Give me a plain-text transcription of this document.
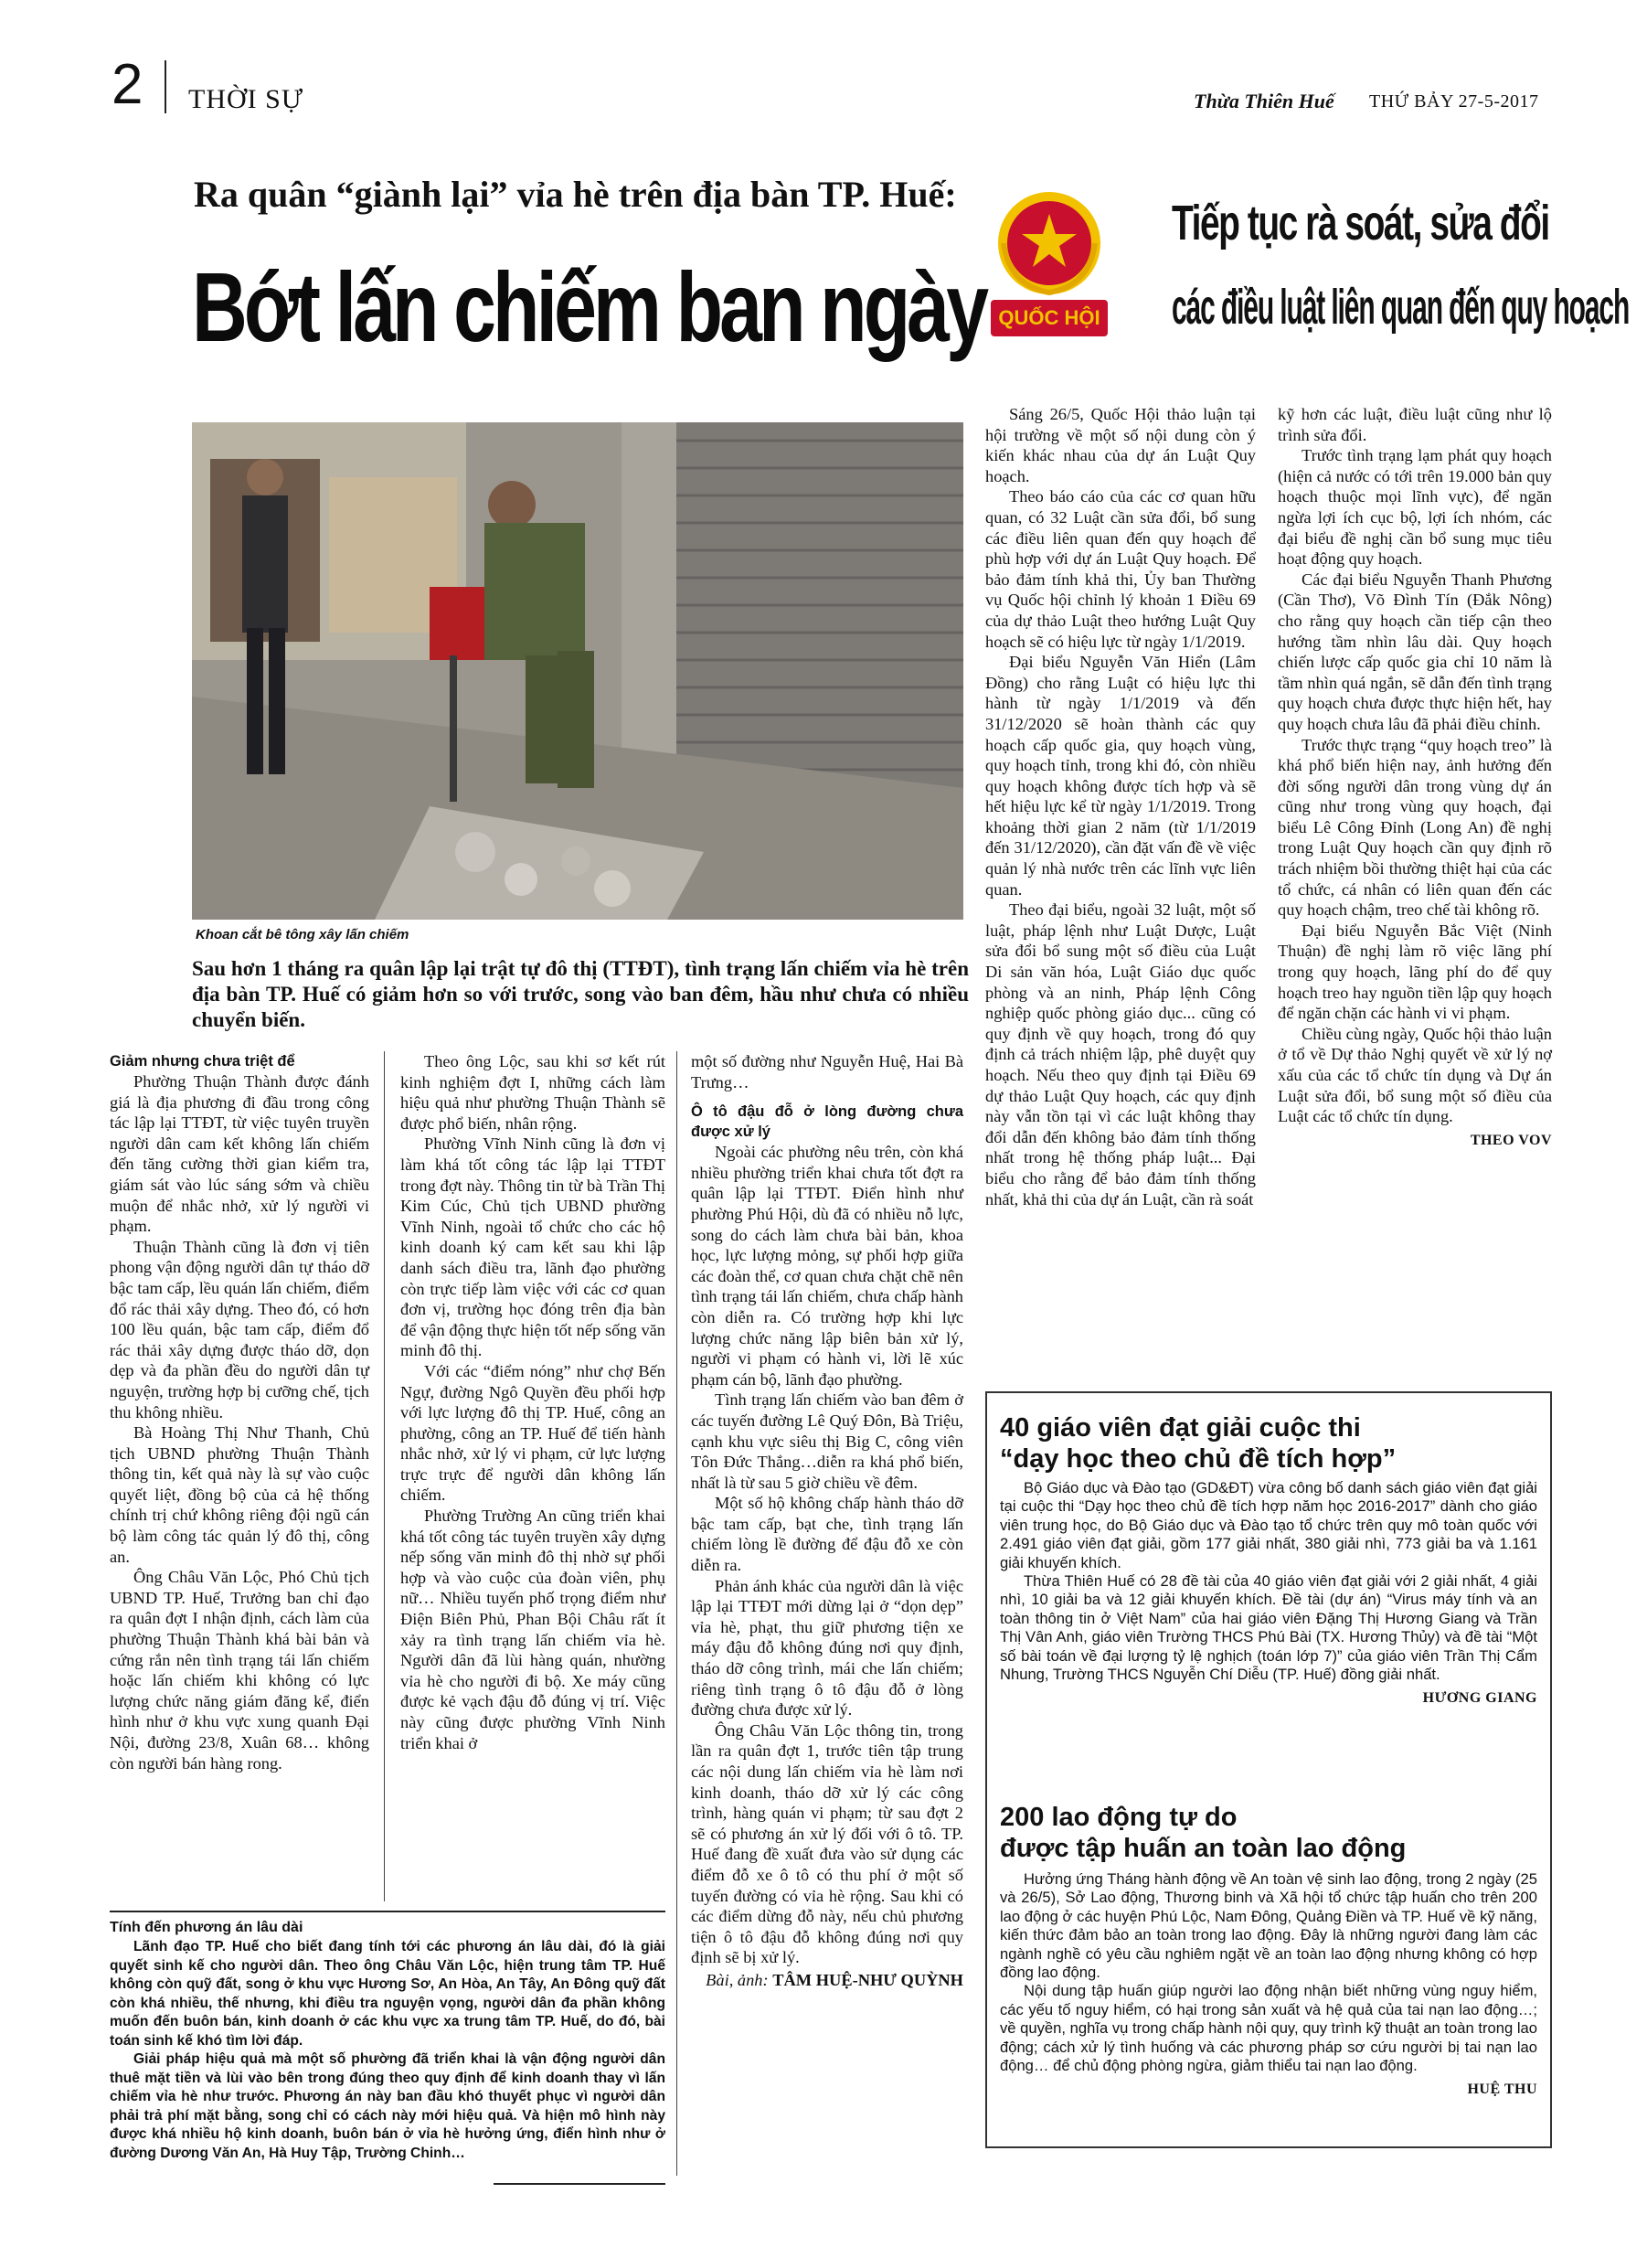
2 THỜI SỰ	Thừa Thiên Huế THỨ BẢY 27-5-2017
Ra quân “giành lại” vỉa hè trên địa bàn TP. Huế:
Bớt lấn chiếm ban ngày
Khoan cắt bê tông xây lấn chiếm
Sau hơn 1 tháng ra quân lập lại trật tự đô thị (TTĐT), tình trạng lấn chiếm vỉa hè trên địa bàn TP. Huế có giảm hơn so với trước, song vào ban đêm, hầu như chưa có nhiều chuyển biến.
Giảm nhưng chưa triệt để

Phường Thuận Thành được đánh giá là địa phương đi đầu trong công tác lập lại TTĐT, từ việc tuyên truyền người dân cam kết không lấn chiếm đến tăng cường thời gian kiểm tra, giám sát vào lúc sáng sớm và chiều muộn để nhắc nhở, xử lý người vi phạm.

Thuận Thành cũng là đơn vị tiên phong vận động người dân tự tháo dỡ bậc tam cấp, lều quán lấn chiếm, điểm đổ rác thải xây dựng. Theo đó, có hơn 100 lều quán, bậc tam cấp, điểm đổ rác thải xây dựng được tháo dỡ, dọn dẹp và đa phần đều do người dân tự nguyện, trường hợp bị cưỡng chế, tịch thu không nhiều.

Bà Hoàng Thị Như Thanh, Chủ tịch UBND phường Thuận Thành thông tin, kết quả này là sự vào cuộc quyết liệt, đồng bộ của cả hệ thống chính trị chứ không riêng đội ngũ cán bộ làm công tác quản lý đô thị, công an.

Ông Châu Văn Lộc, Phó Chủ tịch UBND TP. Huế, Trưởng ban chỉ đạo ra quân đợt I nhận định, cách làm của phường Thuận Thành khá bài bản và cứng rắn nên tình trạng tái lấn chiếm hoặc lấn chiếm khi không có lực lượng chức năng giám đăng kể, điển hình như ở khu vực xung quanh Đại Nội, đường 23/8, Xuân 68… không còn người bán hàng rong.

Theo ông Lộc, sau khi sơ kết rút kinh nghiệm đợt I, những cách làm hiệu quả như phường Thuận Thành sẽ được phổ biến, nhân rộng.

Phường Vĩnh Ninh cũng là đơn vị làm khá tốt công tác lập lại TTĐT trong đợt này. Thông tin từ bà Trần Thị Kim Cúc, Chủ tịch UBND phường Vĩnh Ninh, ngoài tổ chức cho các hộ kinh doanh ký cam kết sau khi lập danh sách điều tra, lãnh đạo phường còn trực tiếp làm việc với các cơ quan đơn vị, trường học đóng trên địa bàn để vận động thực hiện tốt nếp sống văn minh đô thị.

Với các “điểm nóng” như chợ Bến Ngự, đường Ngô Quyền đều phối hợp với lực lượng đô thị TP. Huế, công an phường, công an TP. Huế để tiến hành nhắc nhở, xử lý vi phạm, cử lực lượng trực trực để người dân không lấn chiếm.

Phường Trường An cũng triển khai khá tốt công tác tuyên truyền xây dựng nếp sống văn minh đô thị nhờ sự phối hợp và vào cuộc của đoàn viên, phụ nữ… Nhiều tuyến phố trọng điểm như Điện Biên Phủ, Phan Bội Châu rất ít xảy ra tình trạng lấn chiếm vỉa hè. Người dân đã lùi hàng quán, nhường vỉa hè cho người đi bộ. Xe máy cũng được kẻ vạch đậu đỗ đúng vị trí. Việc này cũng được phường Vĩnh Ninh triển khai ở

một số đường như Nguyễn Huệ, Hai Bà Trưng…

Ô tô đậu đỗ ở lòng đường chưa được xử lý

Ngoài các phường nêu trên, còn khá nhiều phường triển khai chưa tốt đợt ra quân lập lại TTĐT. Điển hình như phường Phú Hội, dù đã có nhiều nỗ lực, song do cách làm chưa bài bản, khoa học, lực lượng mỏng, sự phối hợp giữa các đoàn thể, cơ quan chưa chặt chẽ nên tình trạng tái lấn chiếm, chưa chấp hành còn diễn ra. Có trường hợp khi lực lượng chức năng lập biên bản xử lý, người vi phạm có hành vi, lời lẽ xúc phạm cán bộ, lãnh đạo phường.

Tình trạng lấn chiếm vào ban đêm ở các tuyến đường Lê Quý Đôn, Bà Triệu, cạnh khu vực siêu thị Big C, công viên Tôn Đức Thắng…diễn ra khá phổ biến, nhất là từ sau 5 giờ chiều về đêm.

Một số hộ không chấp hành tháo dỡ bậc tam cấp, bạt che, tình trạng lấn chiếm lòng lề đường để đậu đỗ xe còn diễn ra.

Phản ánh khác của người dân là việc lập lại TTĐT mới dừng lại ở “dọn dẹp” vỉa hè, phạt, thu giữ phương tiện xe máy đậu đỗ không đúng nơi quy định, tháo dỡ công trình, mái che lấn chiếm; riêng tình trạng ô tô đậu đỗ ở lòng đường chưa được xử lý.

Ông Châu Văn Lộc thông tin, trong lần ra quân đợt 1, trước tiên tập trung các nội dung lấn chiếm vỉa hè làm nơi kinh doanh, tháo dỡ xử lý các công trình, hàng quán vi phạm; từ sau đợt 2 sẽ có phương án xử lý đối với ô tô. TP. Huế đang đề xuất đưa vào sử dụng các điểm đỗ xe ô tô có thu phí ở một số tuyến đường có vỉa hè rộng. Sau khi có các điểm dừng đỗ này, nếu chủ phương tiện ô tô đậu đỗ không đúng nơi quy định sẽ bị xử lý.

Bài, ảnh: TÂM HUỆ-NHƯ QUỲNH
Tính đến phương án lâu dài

Lãnh đạo TP. Huế cho biết đang tính tới các phương án lâu dài, đó là giải quyết sinh kế cho người dân. Theo ông Châu Văn Lộc, hiện trung tâm TP. Huế không còn quỹ đất, song ở khu vực Hương Sơ, An Hòa, An Tây, An Đông quỹ đất còn khá nhiều, thế nhưng, khi điều tra nguyện vọng, người dân đa phần không muốn đến buôn bán, kinh doanh ở các khu vực xa trung tâm TP. Huế, do đó, bài toán sinh kế khó tìm lời đáp.

Giải pháp hiệu quả mà một số phường đã triển khai là vận động người dân thuê mặt tiền và lùi vào bên trong đúng theo quy định để kinh doanh thay vì lấn chiếm vỉa hè như trước. Phương án này ban đầu khó thuyết phục vì người dân phải trả phí mặt bằng, song chỉ có cách này mới hiệu quả. Và hiện mô hình này được khá nhiều hộ kinh doanh, buôn bán ở vỉa hè hưởng ứng, điển hình như ở đường Dương Văn An, Hà Huy Tập, Trường Chinh…

QUỐC HỘI
Tiếp tục rà soát, sửa đổi
các điều luật liên quan đến quy hoạch

Sáng 26/5, Quốc Hội thảo luận tại hội trường về một số nội dung còn ý kiến khác nhau của dự án Luật Quy hoạch.

Theo báo cáo của các cơ quan hữu quan, có 32 Luật cần sửa đổi, bổ sung các điều liên quan đến quy hoạch để phù hợp với dự án Luật Quy hoạch. Để bảo đảm tính khả thi, Ủy ban Thường vụ Quốc hội chỉnh lý khoản 1 Điều 69 của dự thảo Luật theo hướng Luật Quy hoạch sẽ có hiệu lực từ ngày 1/1/2019.

Đại biểu Nguyễn Văn Hiển (Lâm Đồng) cho rằng Luật có hiệu lực thi hành từ ngày 1/1/2019 và đến 31/12/2020 sẽ hoàn thành các quy hoạch cấp quốc gia, quy hoạch vùng, quy hoạch tỉnh, trong khi đó, còn nhiều quy hoạch không được tích hợp và sẽ hết hiệu lực kể từ ngày 1/1/2019. Trong khoảng thời gian 2 năm (từ 1/1/2019 đến 31/12/2020), cần đặt vấn đề về việc quản lý nhà nước trên các lĩnh vực liên quan.

Theo đại biểu, ngoài 32 luật, một số luật, pháp lệnh như Luật Dược, Luật sửa đổi bổ sung một số điều của Luật Di sản văn hóa, Luật Giáo dục quốc phòng và an ninh, Pháp lệnh Công nghiệp quốc phòng giáo dục... cũng có quy định về quy hoạch, trong đó quy định cả trách nhiệm lập, phê duyệt quy hoạch. Nếu theo quy định tại Điều 69 dự thảo Luật Quy hoạch, các quy định này vẫn tồn tại vì các luật không thay đổi dẫn đến không bảo đảm tính thống nhất trong hệ thống pháp luật... Đại biểu cho rằng để bảo đảm tính thống nhất, khả thi của dự án Luật, cần rà soát

kỹ hơn các luật, điều luật cũng như lộ trình sửa đổi.

Trước tình trạng lạm phát quy hoạch (hiện cả nước có tới trên 19.000 bản quy hoạch thuộc mọi lĩnh vực), để ngăn ngừa lợi ích cục bộ, lợi ích nhóm, các đại biểu đề nghị cần bổ sung mục tiêu hoạt động quy hoạch.

Các đại biểu Nguyễn Thanh Phương (Cần Thơ), Võ Đình Tín (Đắk Nông) cho rằng quy hoạch cần tiếp cận theo hướng tầm nhìn lâu dài. Quy hoạch chiến lược cấp quốc gia chỉ 10 năm là tầm nhìn quá ngắn, sẽ dẫn đến tình trạng quy hoạch chưa được thực hiện hết, hay quy hoạch chưa lâu đã phải điều chỉnh.

Trước thực trạng “quy hoạch treo” là khá phổ biến hiện nay, ảnh hưởng đến đời sống người dân trong vùng dự án cũng như trong vùng quy hoạch, đại biểu Lê Công Đỉnh (Long An) đề nghị trong Luật Quy hoạch cần quy định rõ trách nhiệm bồi thường thiệt hại của các tổ chức, cá nhân có liên quan đến các quy hoạch chậm, treo chế tài không rõ.

Đại biểu Nguyễn Bắc Việt (Ninh Thuận) đề nghị làm rõ việc lãng phí trong quy hoạch, lãng phí do để quy hoạch treo hay nguồn tiền lập quy hoạch để ngăn chặn các hành vi vi phạm.

Chiều cùng ngày, Quốc hội thảo luận ở tổ về Dự thảo Nghị quyết về xử lý nợ xấu của các tổ chức tín dụng và Dự án Luật sửa đổi, bổ sung một số điều của Luật các tổ chức tín dụng.

THEO VOV
40 giáo viên đạt giải cuộc thi
“dạy học theo chủ đề tích hợp”

Bộ Giáo dục và Đào tạo (GD&ĐT) vừa công bố danh sách giáo viên đạt giải tại cuộc thi “Dạy học theo chủ đề tích hợp năm học 2016-2017” dành cho giáo viên trung học, do Bộ Giáo dục và Đào tạo tổ chức trên quy mô toàn quốc với 2.491 giáo viên đạt giải, gồm 177 giải nhất, 380 giải nhì, 773 giải ba và 1.161 giải khuyến khích.

Thừa Thiên Huế có 28 đề tài của 40 giáo viên đạt giải với 2 giải nhất, 4 giải nhì, 10 giải ba và 12 giải khuyến khích. Đề tài (dự án) “Virus máy tính và an toàn thông tin ở Việt Nam” của hai giáo viên Đặng Thị Hương Giang và Trần Thị Vân Anh, giáo viên Trường THCS Phú Bài (TX. Hương Thủy) và đề tài “Một số bài toán về đại lượng tỷ lệ nghịch (toán lớp 7)” của giáo viên Trần Thị Cẩm Nhung, Trường THCS Nguyễn Chí Diễu (TP. Huế) đồng giải nhất.

HƯƠNG GIANG
200 lao động tự do
được tập huấn an toàn lao động

Hưởng ứng Tháng hành động về An toàn vệ sinh lao động, trong 2 ngày (25 và 26/5), Sở Lao động, Thương binh và Xã hội tổ chức tập huấn cho trên 200 lao động ở các huyện Phú Lộc, Nam Đông, Quảng Điền và TP. Huế về kỹ năng, kiến thức đảm bảo an toàn trong lao động. Đây là những người đang làm các ngành nghề có yêu cầu nghiêm ngặt về an toàn lao động nhưng không có hợp đồng lao động.

Nội dung tập huấn giúp người lao động nhận biết những vùng nguy hiểm, các yếu tố nguy hiểm, có hại trong sản xuất và hệ quả của tai nạn lao động…; về quyền, nghĩa vụ trong chấp hành nội quy, quy trình kỹ thuật an toàn trong lao động; cách xử lý tình huống và các phương pháp sơ cứu người bị tai nạn lao động… để chủ động phòng ngừa, giảm thiểu tai nạn lao động.

HUỆ THU
